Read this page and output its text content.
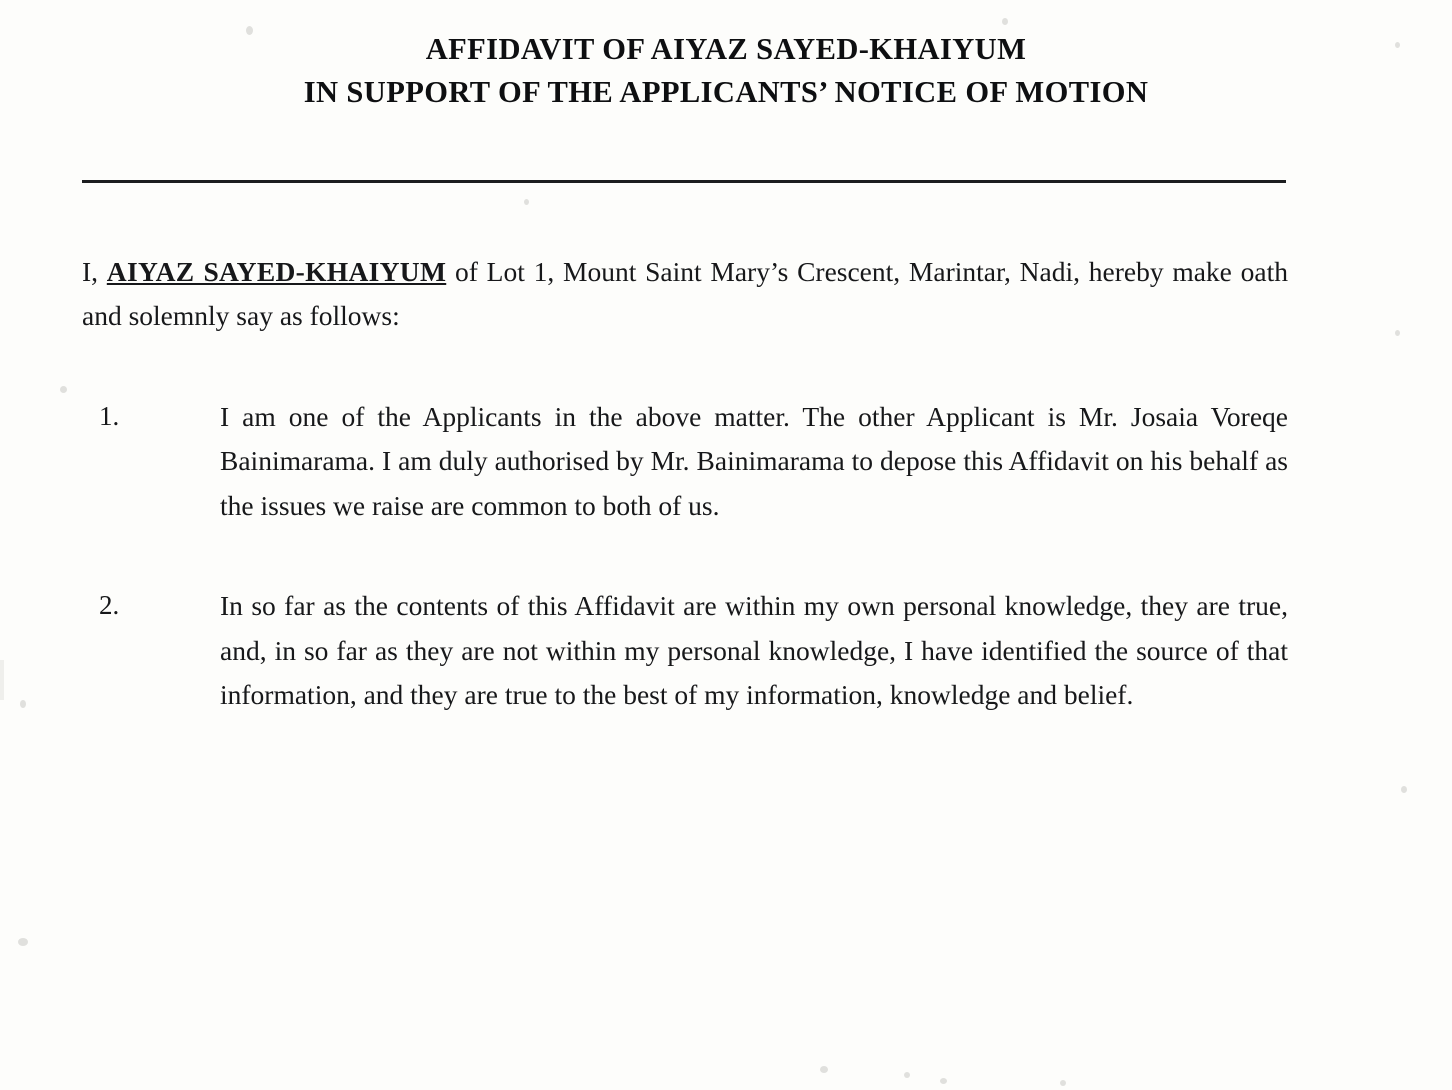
AFFIDAVIT OF AIYAZ SAYED-KHAIYUM
IN SUPPORT OF THE APPLICANTS’ NOTICE OF MOTION

I, AIYAZ SAYED-KHAIYUM of Lot 1, Mount Saint Mary’s Crescent, Marintar, Nadi, hereby make oath and solemnly say as follows:

1.	I am one of the Applicants in the above matter. The other Applicant is Mr. Josaia Voreqe Bainimarama. I am duly authorised by Mr. Bainimarama to depose this Affidavit on his behalf as the issues we raise are common to both of us.
2.	In so far as the contents of this Affidavit are within my own personal knowledge, they are true, and, in so far as they are not within my personal knowledge, I have identified the source of that information, and they are true to the best of my information, knowledge and belief.
